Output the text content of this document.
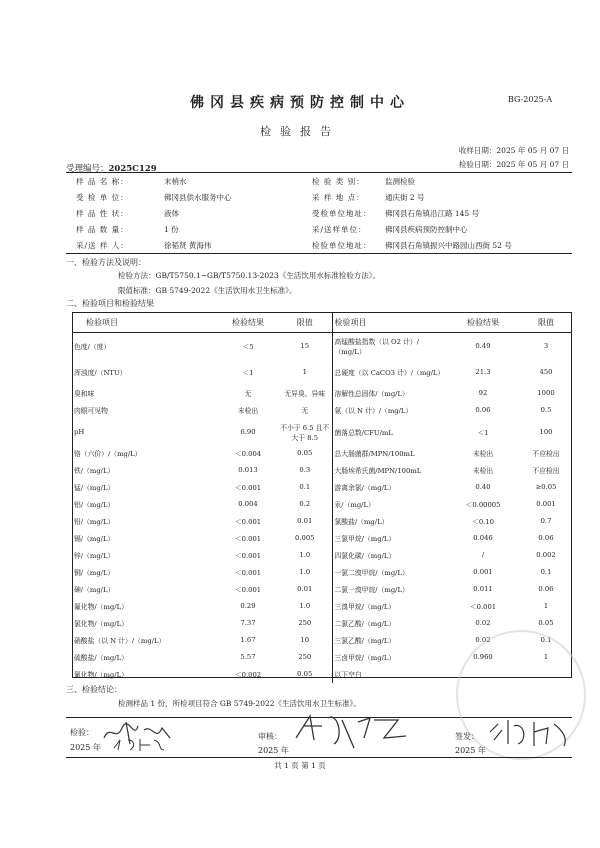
佛冈县疾病预防控制中心	BG-2025-A
检验报告
收样日期：2025 年 05 月 07 日
检验日期：2025 年 05 月 07 日
受理编号：2025C129
样 品 名 称：	末梢水
受 检 单 位：	佛冈县供水服务中心
样 品 性 状：	液体
样 品 数 量：	1 份
采/送 样 人：	徐韬贤 黄海伟
检 验 类 别：	监测检验
采 样 地 点：	通庆街 2 号
受检单位地址： 佛冈县石角镇沿江路 145 号
采/送样单位： 佛冈县疾病预防控制中心
检验单位地址： 佛冈县石角镇振兴中路园山西街 52 号
一、检验方法及说明：
检验方法：GB/T5750.1~GB/T5750.13-2023《生活饮用水标准检验方法》。
限值标准：GB 5749-2022《生活饮用水卫生标准》。
二、检验项目和检验结果
检验项目	检验结果	限值	检验项目	检验结果	限值
色度/（度）	＜5	15	高锰酸盐指数（以 O2 计）/（mg/L）	0.49	3
浑浊度/（NTU）	＜1	1	总硬度（以 CaCO3 计）/（mg/L）	21.3	450
臭和味	无	无异臭、异味	溶解性总固体/（mg/L）	92	1000
肉眼可见物	未检出	无	氨（以 N 计）/（mg/L）	0.06	0.5
pH	6.90	不小于 6.5 且不大于 8.5	菌落总数/CFU/mL	＜1	100
铬（六价）/（mg/L）	＜0.004	0.05	总大肠菌群/MPN/100mL	未检出	不应检出
铁/（mg/L）	0.013	0.3	大肠埃希氏菌/MPN/100mL	未检出	不应检出
锰/（mg/L）	＜0.001	0.1	游离余氯/（mg/L）	0.40	≥0.05
铝/（mg/L）	0.004	0.2	汞/（mg/L）	＜0.00005	0.001
铅/（mg/L）	＜0.001	0.01	氯酸盐/（mg/L）	＜0.10	0.7
镉/（mg/L）	＜0.001	0.005	三氯甲烷/（mg/L）	0.046	0.06
锌/（mg/L）	＜0.001	1.0	四氯化碳/（mg/L）	/	0.002
铜/（mg/L）	＜0.001	1.0	一氯二溴甲烷/（mg/L）	0.001	0.1
砷/（mg/L）	＜0.001	0.01	二氯一溴甲烷/（mg/L）	0.011	0.06
氟化物/（mg/L）	0.29	1.0	三溴甲烷/（mg/L）	＜0.001	1
氯化物/（mg/L）	7.37	250	二氯乙酸/（mg/L）	0.02	0.05
硝酸盐（以 N 计）/（mg/L）	1.67	10	三氯乙酸/（mg/L）	0.02	0.1
硫酸盐/（mg/L）	5.57	250	三卤甲烷/（mg/L）	0.960	1
氰化物/（mg/L）	＜0.002	0.05	以下空白		
三、检验结论：
检测样品 1 份，所检项目符合 GB 5749-2022《生活饮用水卫生标准》。
检验：
2025 年
审核：
2025 年
签发：
2025 年
共 1 页 第 1 页
